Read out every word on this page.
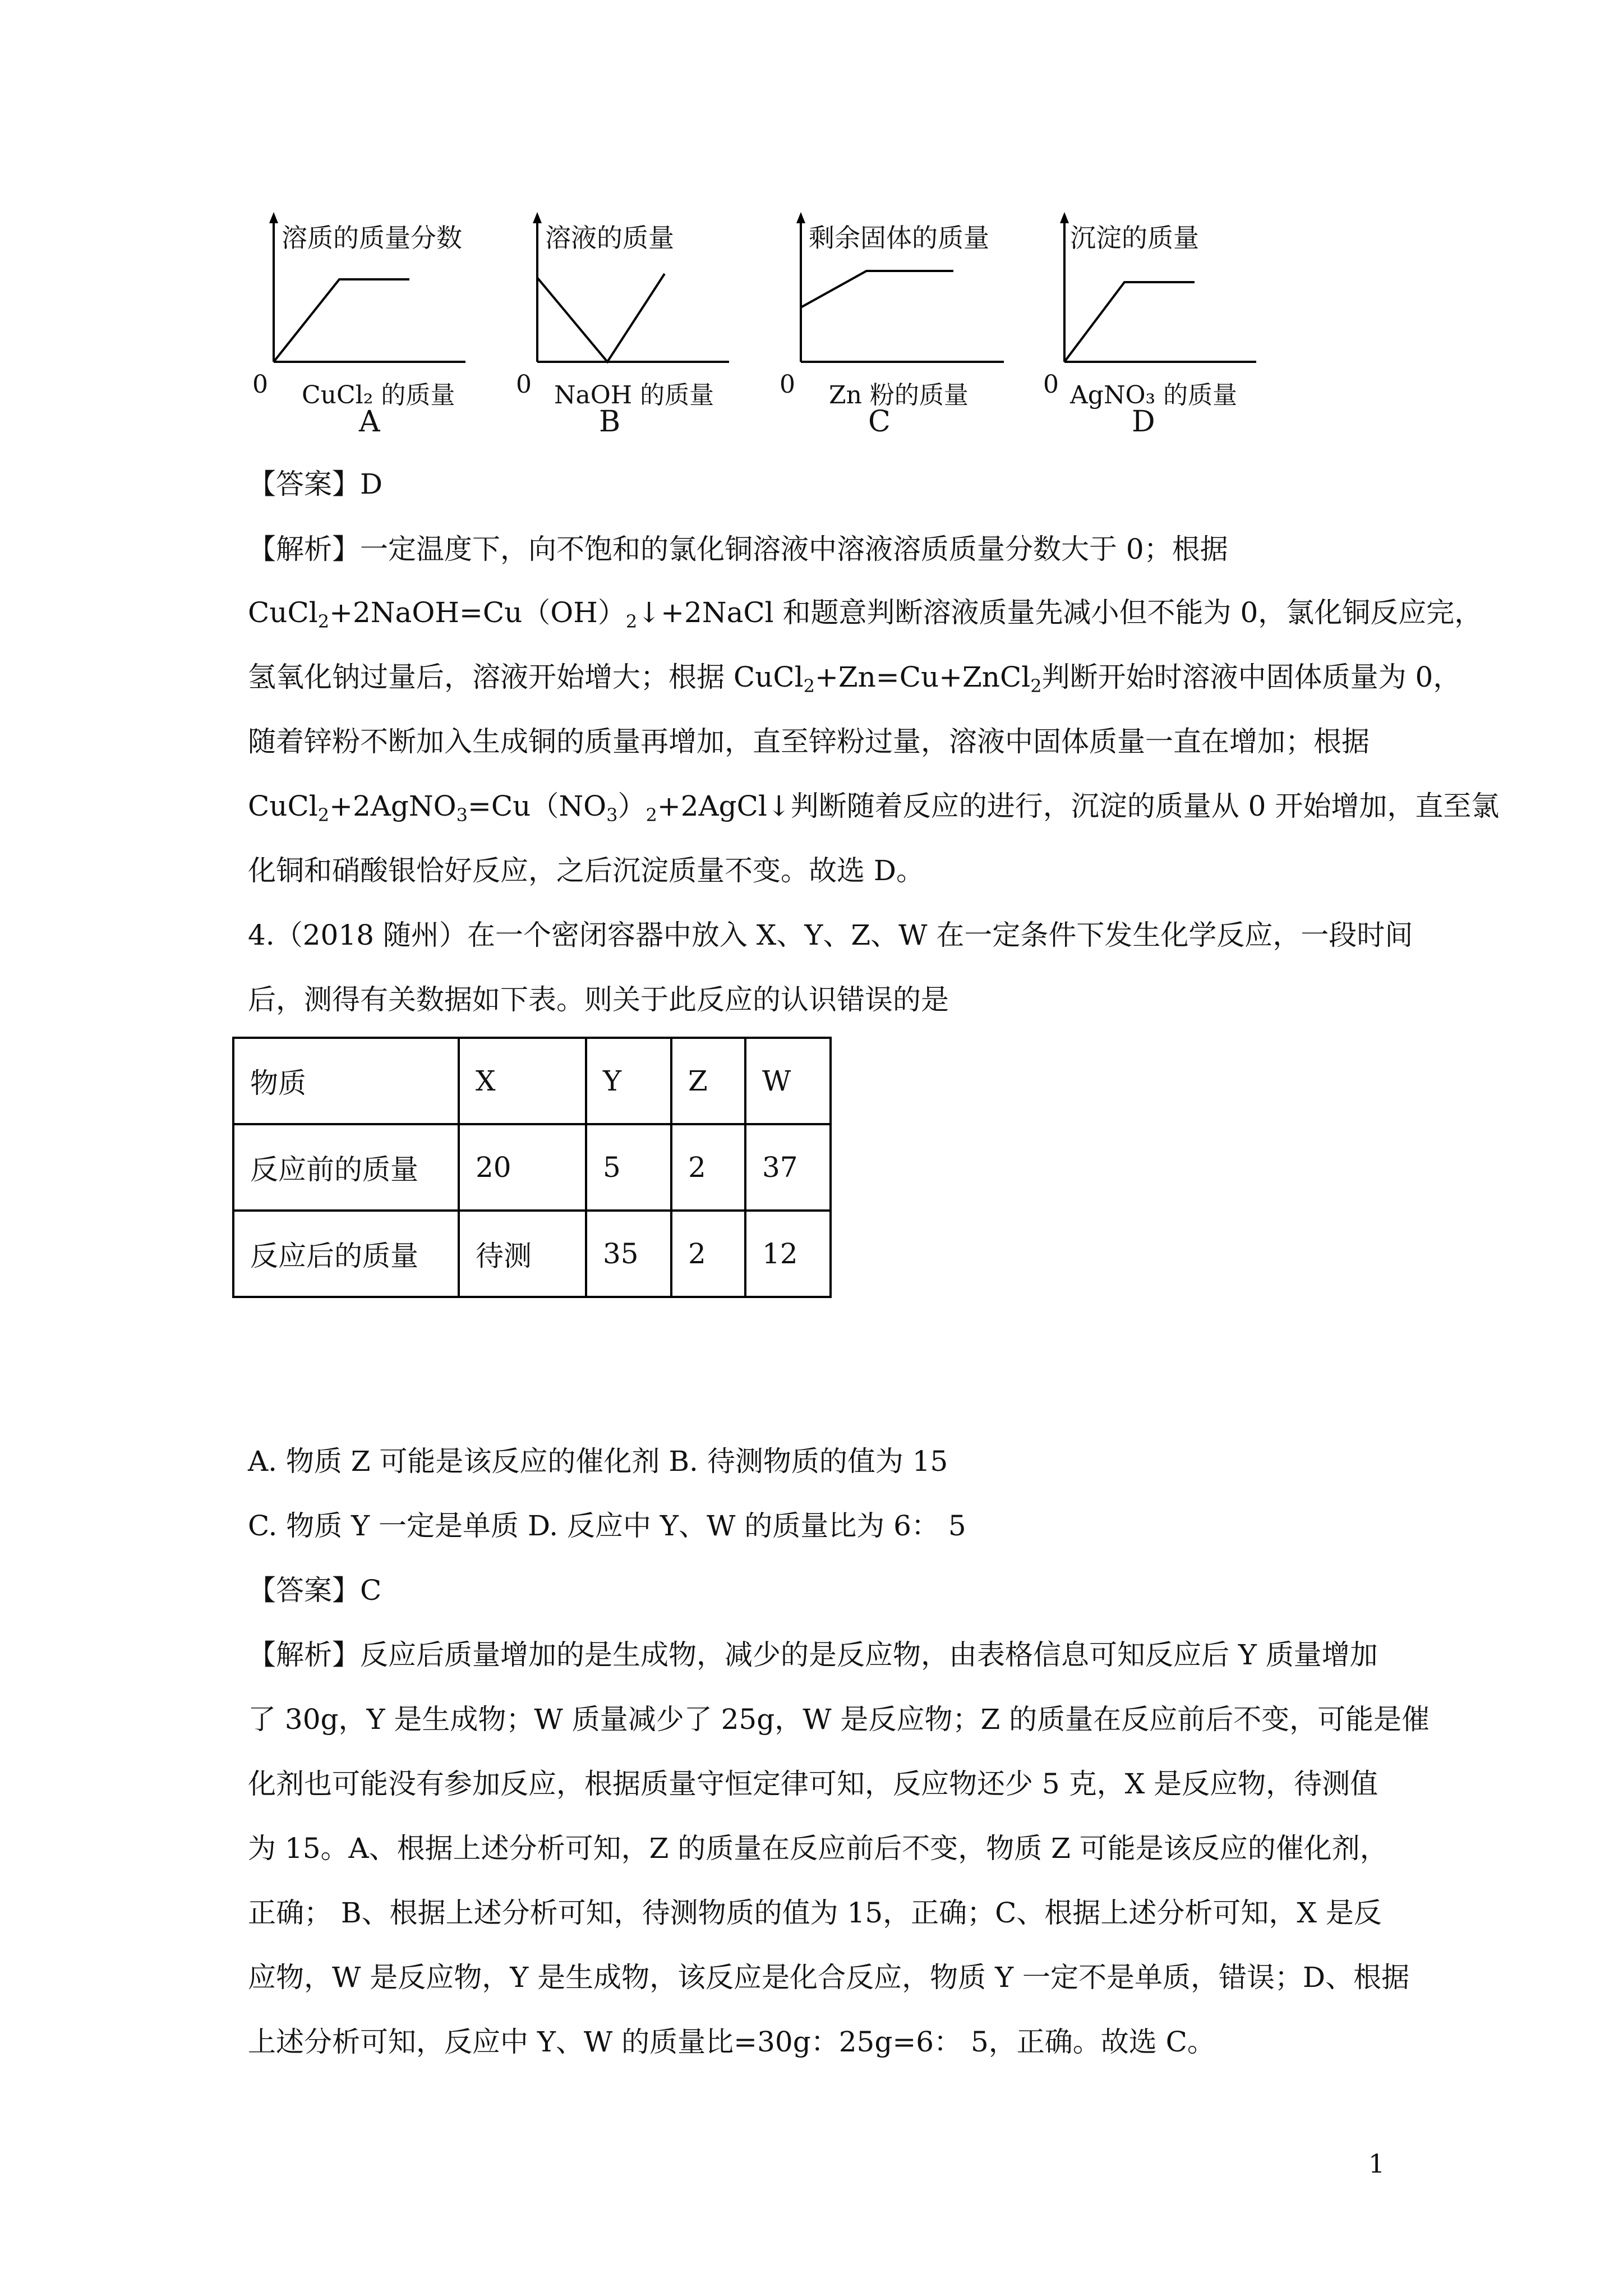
溶质的质量分数
0 CuCl₂ 的质量
A
溶液的质量
0 NaOH 的质量
B
剩余固体的质量
0 Zn 粉的质量
C
沉淀的质量
0 AgNO₃ 的质量
D
【答案】D
【解析】一定温度下，向不饱和的氯化铜溶液中溶液溶质质量分数大于 0；根据
$CuCl_2+2NaOH=Cu(OH)_2↓+2NaCl$ 和题意判断溶液质量先减小但不能为 0，氯化铜反应完，
氢氧化钠过量后，溶液开始增大；根据 CuCl$_2$+Zn=Cu+ZnCl$_2$判断开始时溶液中固体质量为 0，
随着锌粉不断加入生成铜的质量再增加，直至锌粉过量，溶液中固体质量一直在增加；根据
$CuCl_2+2AgNO_3=Cu(NO_3)_2+2AgCl↓$判断随着反应的进行，沉淀的质量从 0 开始增加，直至氯
化铜和硝酸银恰好反应，之后沉淀质量不变。故选 D。
4.（2018 随州）在一个密闭容器中放入 X、Y、Z、W 在一定条件下发生化学反应，一段时间
后，测得有关数据如下表。则关于此反应的认识错误的是
物质	X	Y	Z	W
反应前的质量	20	5	2	37
反应后的质量	待测	35	2	12
A. 物质 Z 可能是该反应的催化剂 B. 待测物质的值为 15
C. 物质 Y 一定是单质 D. 反应中 Y、W 的质量比为 6： 5
【答案】C
【解析】反应后质量增加的是生成物，减少的是反应物，由表格信息可知反应后 Y 质量增加
了 30g，Y 是生成物；W 质量减少了 25g，W 是反应物；Z 的质量在反应前后不变，可能是催
化剂也可能没有参加反应，根据质量守恒定律可知，反应物还少 5 克，X 是反应物，待测值
为 15。A、根据上述分析可知，Z 的质量在反应前后不变，物质 Z 可能是该反应的催化剂，
正确； B、根据上述分析可知，待测物质的值为 15，正确；C、根据上述分析可知，X 是反
应物，W 是反应物，Y 是生成物，该反应是化合反应，物质 Y 一定不是单质，错误；D、根据
上述分析可知，反应中 Y、W 的质量比=30g：25g=6： 5，正确。故选 C。
1
